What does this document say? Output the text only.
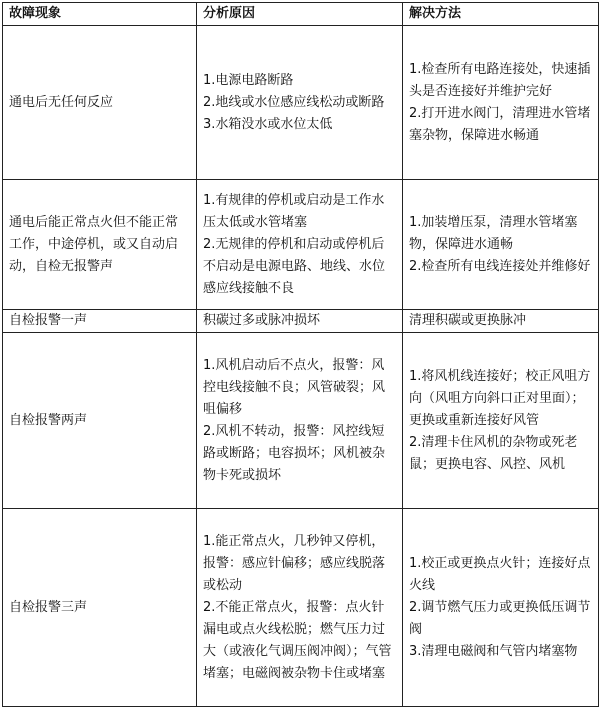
故障现象	分析原因	解决方法
通电后无任何反应	1.电源电路断路
2.地线或水位感应线松动或断路
3.水箱没水或水位太低	1.检查所有电路连接处，快速插头是否连接好并维护完好
2.打开进水阀门，清理进水管堵塞杂物，保障进水畅通

通电后能正常点火但不能正常工作，中途停机，或又自动启动，自检无报警声	1.有规律的停机或启动是工作水压太低或水管堵塞
2.无规律的停机和启动或停机后不启动是电源电路、地线、水位感应线接触不良	1.加装增压泵，清理水管堵塞物，保障进水通畅
2.检查所有电线连接处并维修好

自检报警一声	积碳过多或脉冲损坏	清理积碳或更换脉冲

自检报警两声	1.风机启动后不点火，报警：风控电线接触不良；风管破裂；风咀偏移
2.风机不转动，报警：风控线短路或断路；电容损坏；风机被杂物卡死或损坏	1.将风机线连接好；校正风咀方向（风咀方向斜口正对里面）；更换或重新连接好风管
2.清理卡住风机的杂物或死老鼠；更换电容、风控、风机

自检报警三声	1.能正常点火，几秒钟又停机，报警：感应针偏移；感应线脱落或松动
2.不能正常点火，报警：点火针漏电或点火线松脱；燃气压力过大（或液化气调压阀冲阀）；气管堵塞；电磁阀被杂物卡住或堵塞	1.校正或更换点火针；连接好点火线
2.调节燃气压力或更换低压调节阀
3.清理电磁阀和气管内堵塞物
